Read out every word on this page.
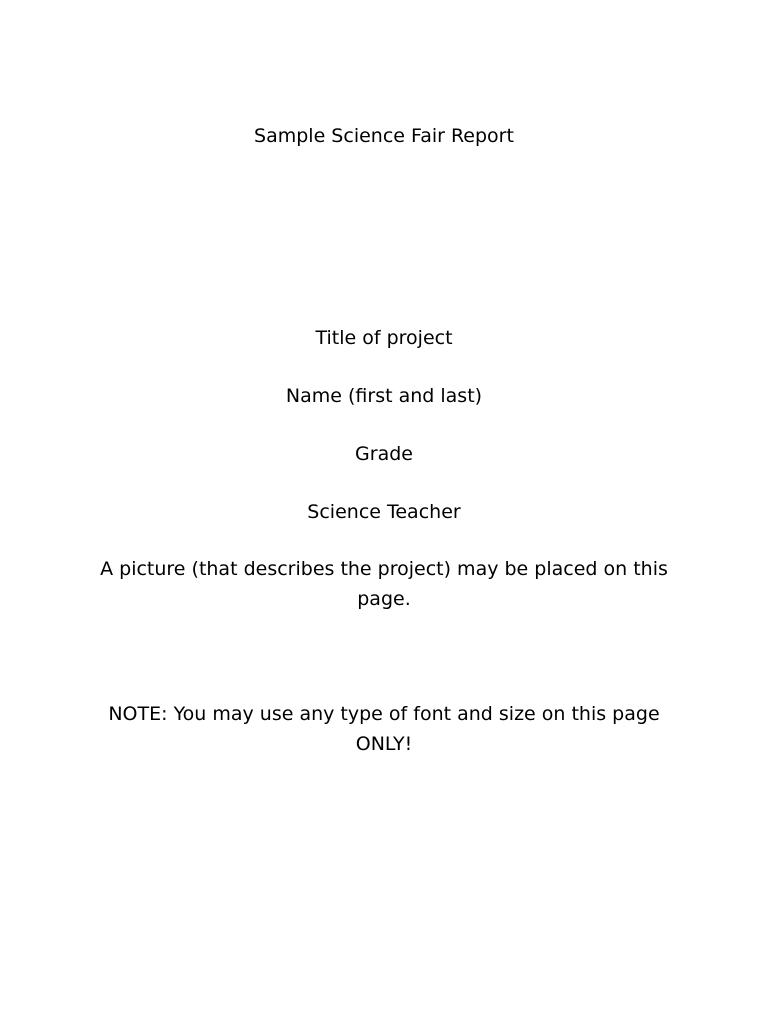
Sample Science Fair Report
Title of project
Name (first and last)
Grade
Science Teacher
A picture (that describes the project) may be placed on this page.
NOTE: You may use any type of font and size on this page ONLY!
